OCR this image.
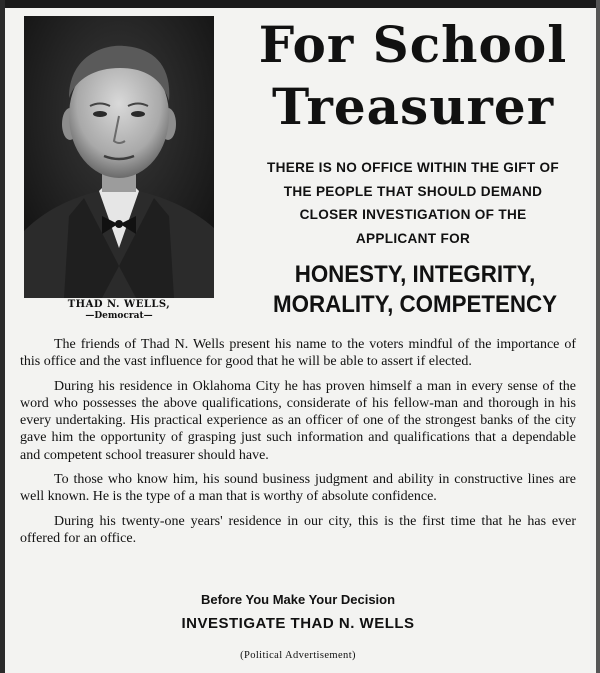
THAD N. WELLS,
—Democrat—
For School
Treasurer
THERE IS NO OFFICE WITHIN THE GIFT OF
THE PEOPLE THAT SHOULD DEMAND
CLOSER INVESTIGATION OF THE
APPLICANT FOR
HONESTY, INTEGRITY,
MORALITY, COMPETENCY

The friends of Thad N. Wells present his name to the voters mindful of the importance of this office and the vast influence for good that he will be able to assert if elected.

During his residence in Oklahoma City he has proven himself a man in every sense of the word who possesses the above qualifications, considerate of his fellow-man and thorough in his every undertaking. His practical experience as an officer of one of the strongest banks of the city gave him the opportunity of grasping just such information and qualifications that a dependable and competent school treasurer should have.

To those who know him, his sound business judgment and ability in constructive lines are well known. He is the type of a man that is worthy of absolute confidence.

During his twenty-one years' residence in our city, this is the first time that he has ever offered for an office.

Before You Make Your Decision
INVESTIGATE THAD N. WELLS
(Political Advertisement)
